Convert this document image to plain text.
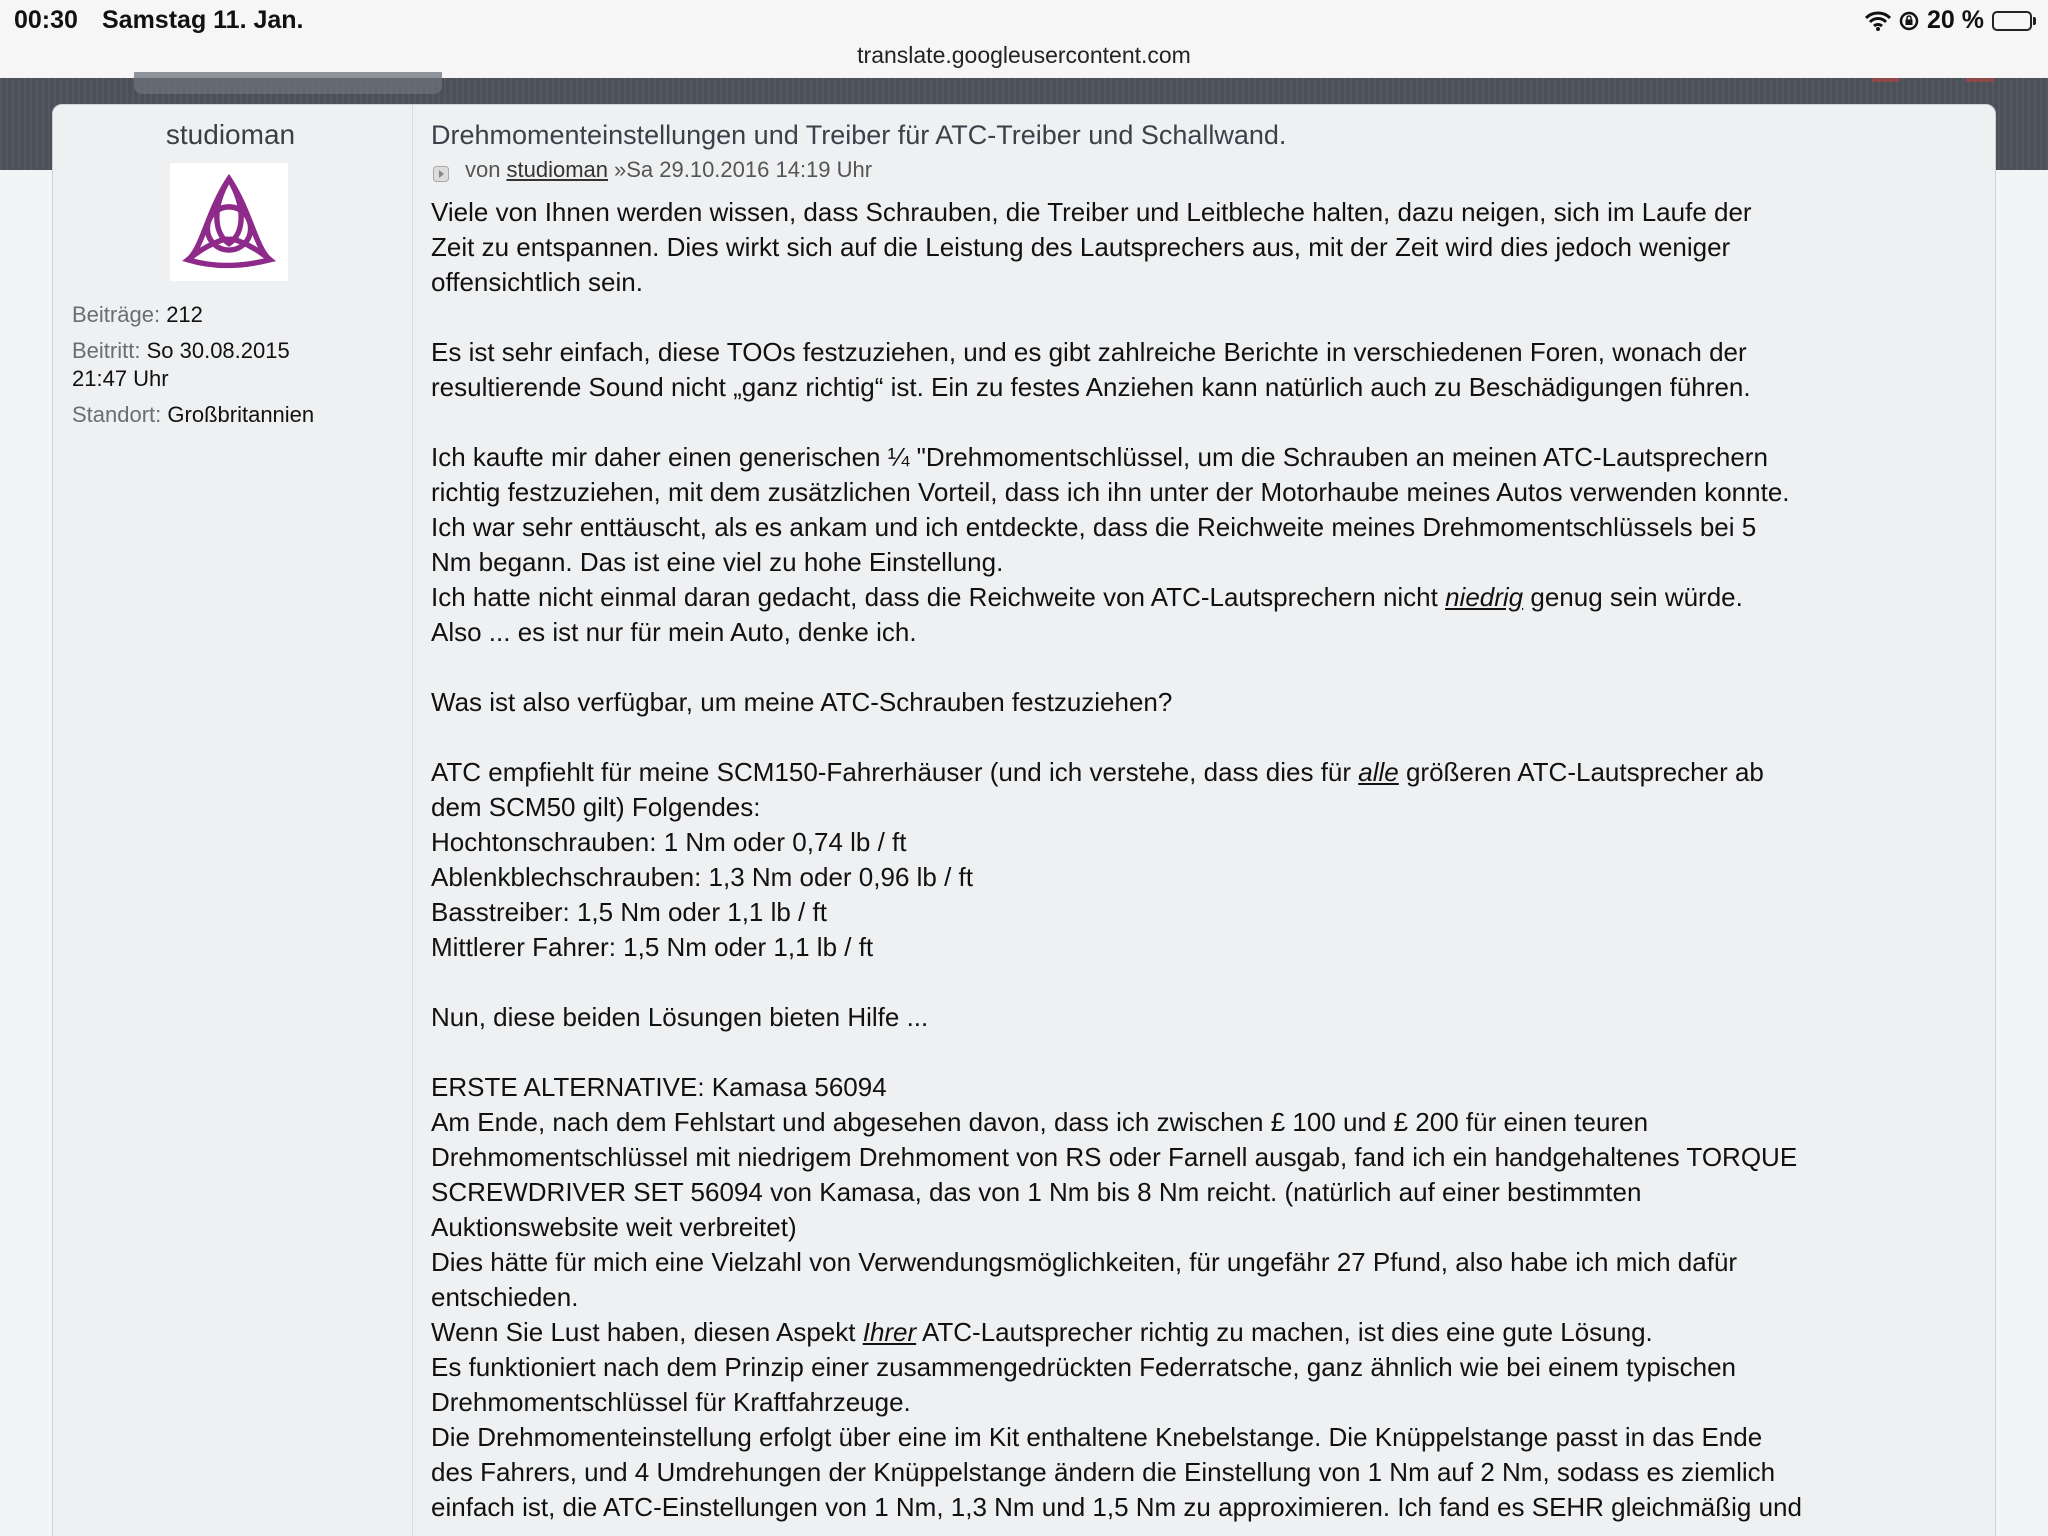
00:30 Samstag 11. Jan.	20 %
translate.googleusercontent.com
studioman
Beiträge: 212
Beitritt: So 30.08.2015
21:47 Uhr
Standort: Großbritannien
Drehmomenteinstellungen und Treiber für ATC-Treiber und Schallwand.
von studioman »Sa 29.10.2016 14:19 Uhr

Viele von Ihnen werden wissen, dass Schrauben, die Treiber und Leitbleche halten, dazu neigen, sich im Laufe der

Zeit zu entspannen. Dies wirkt sich auf die Leistung des Lautsprechers aus, mit der Zeit wird dies jedoch weniger

offensichtlich sein.

Es ist sehr einfach, diese TOOs festzuziehen, und es gibt zahlreiche Berichte in verschiedenen Foren, wonach der

resultierende Sound nicht „ganz richtig“ ist. Ein zu festes Anziehen kann natürlich auch zu Beschädigungen führen.

Ich kaufte mir daher einen generischen ¼ "Drehmomentschlüssel, um die Schrauben an meinen ATC-Lautsprechern

richtig festzuziehen, mit dem zusätzlichen Vorteil, dass ich ihn unter der Motorhaube meines Autos verwenden konnte.

Ich war sehr enttäuscht, als es ankam und ich entdeckte, dass die Reichweite meines Drehmomentschlüssels bei 5

Nm begann. Das ist eine viel zu hohe Einstellung.

Ich hatte nicht einmal daran gedacht, dass die Reichweite von ATC-Lautsprechern nicht niedrig genug sein würde.

Also ... es ist nur für mein Auto, denke ich.

Was ist also verfügbar, um meine ATC-Schrauben festzuziehen?

ATC empfiehlt für meine SCM150-Fahrerhäuser (und ich verstehe, dass dies für alle größeren ATC-Lautsprecher ab

dem SCM50 gilt) Folgendes:

Hochtonschrauben: 1 Nm oder 0,74 lb / ft

Ablenkblechschrauben: 1,3 Nm oder 0,96 lb / ft

Basstreiber: 1,5 Nm oder 1,1 lb / ft

Mittlerer Fahrer: 1,5 Nm oder 1,1 lb / ft

Nun, diese beiden Lösungen bieten Hilfe ...

ERSTE ALTERNATIVE: Kamasa 56094

Am Ende, nach dem Fehlstart und abgesehen davon, dass ich zwischen £ 100 und £ 200 für einen teuren

Drehmomentschlüssel mit niedrigem Drehmoment von RS oder Farnell ausgab, fand ich ein handgehaltenes TORQUE

SCREWDRIVER SET 56094 von Kamasa, das von 1 Nm bis 8 Nm reicht. (natürlich auf einer bestimmten

Auktionswebsite weit verbreitet)

Dies hätte für mich eine Vielzahl von Verwendungsmöglichkeiten, für ungefähr 27 Pfund, also habe ich mich dafür

entschieden.

Wenn Sie Lust haben, diesen Aspekt Ihrer ATC-Lautsprecher richtig zu machen, ist dies eine gute Lösung.

Es funktioniert nach dem Prinzip einer zusammengedrückten Federratsche, ganz ähnlich wie bei einem typischen

Drehmomentschlüssel für Kraftfahrzeuge.

Die Drehmomenteinstellung erfolgt über eine im Kit enthaltene Knebelstange. Die Knüppelstange passt in das Ende

des Fahrers, und 4 Umdrehungen der Knüppelstange ändern die Einstellung von 1 Nm auf 2 Nm, sodass es ziemlich

einfach ist, die ATC-Einstellungen von 1 Nm, 1,3 Nm und 1,5 Nm zu approximieren. Ich fand es SEHR gleichmäßig und
